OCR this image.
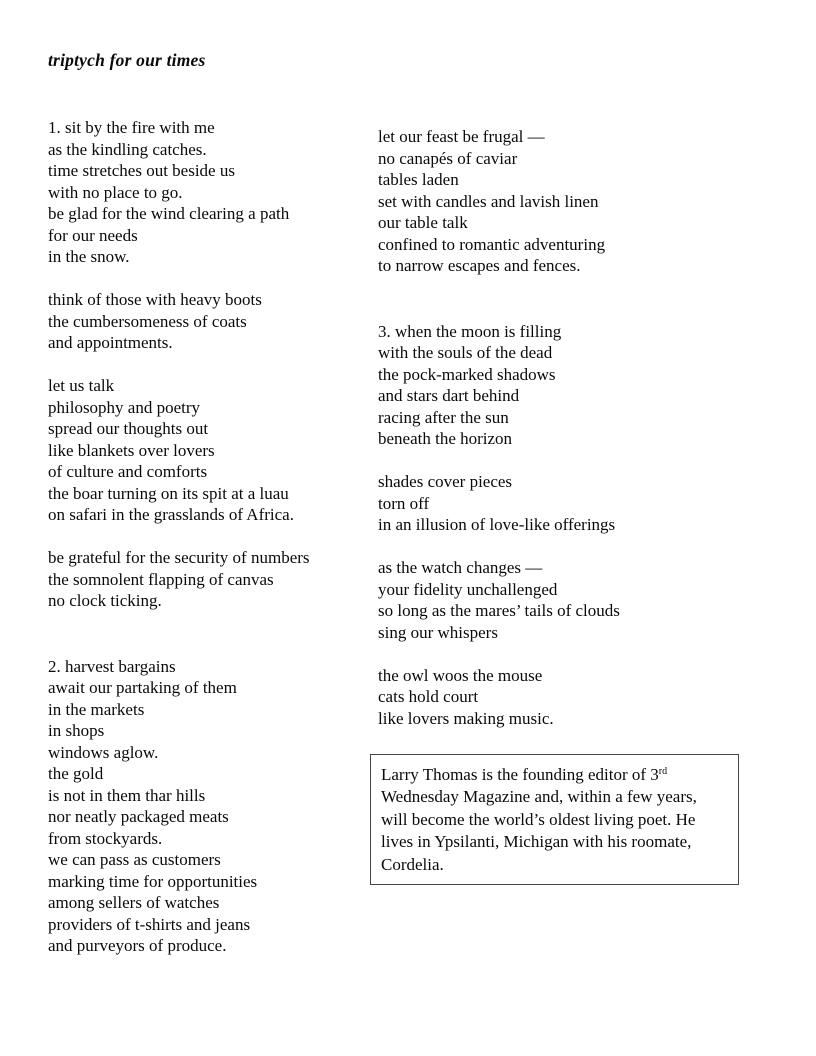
triptych for our times
1. sit by the fire with me
as the kindling catches.
time stretches out beside us
with no place to go.
be glad for the wind clearing a path
for our needs
in the snow.
think of those with heavy boots
the cumbersomeness of coats
and appointments.
let us talk
philosophy and poetry
spread our thoughts out
like blankets over lovers
of culture and comforts
the boar turning on its spit at a luau
on safari in the grasslands of Africa.
be grateful for the security of numbers
the somnolent flapping of canvas
no clock ticking.
2. harvest bargains
await our partaking of them
in the markets
in shops
windows aglow.
the gold
is not in them thar hills
nor neatly packaged meats
from stockyards.
we can pass as customers
marking time for opportunities
among sellers of watches
providers of t-shirts and jeans
and purveyors of produce.
let our feast be frugal —
no canapés of caviar
tables laden
set with candles and lavish linen
our table talk
confined to romantic adventuring
to narrow escapes and fences.
3. when the moon is filling
with the souls of the dead
the pock-marked shadows
and stars dart behind
racing after the sun
beneath the horizon
shades cover pieces
torn off
in an illusion of love-like offerings
as the watch changes —
your fidelity unchallenged
so long as the mares’ tails of clouds
sing our whispers
the owl woos the mouse
cats hold court
like lovers making music.
Larry Thomas is the founding editor of 3rd
Wednesday Magazine and, within a few years,
will become the world’s oldest living poet. He
lives in Ypsilanti, Michigan with his roomate,
Cordelia.
